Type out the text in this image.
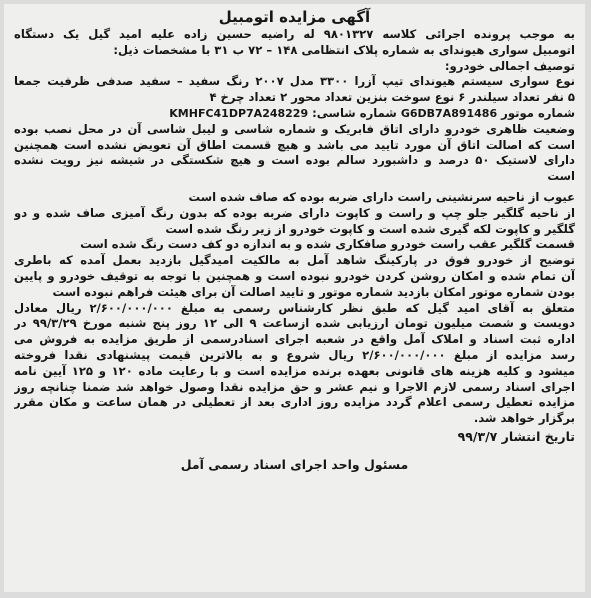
آگهی مزایده اتومبیل
به موجب پرونده اجرائی کلاسه ۹۸۰۱۳۲۷ له راضیه حسین زاده علیه امید گیل یک دستگاه
اتومبیل سواری هیوندای به شماره پلاک انتظامی ۱۴۸ – ۷۲ ب ۳۱ با مشخصات ذیل:
توصیف اجمالی خودرو:
نوع سواری سیستم هیوندای تیپ آزرا ۳۳۰۰ مدل ۲۰۰۷ رنگ سفید – سفید صدفی ظرفیت جمعا
۵ نفر تعداد سیلندر ۶ نوع سوخت بنزین تعداد محور ۲ تعداد چرخ ۴
شماره موتور G6DB7A891486 شماره شاسی: KMHFC41DP7A248229
وضعیت ظاهری خودرو دارای اتاق فابریک و شماره شاسی و لیبل شاسی آن در محل نصب بوده
است که اصالت اتاق آن مورد تایید می باشد و هیچ قسمت اطاق آن تعویض نشده است همچنین
دارای لاستیک ۵۰ درصد و داشبورد سالم بوده است و هیچ شکستگی در شیشه نیز رویت نشده
است
عیوب از ناحیه سرنشینی راست دارای ضربه بوده که صاف شده است
از ناحیه گلگیر جلو چپ و راست و کاپوت دارای ضربه بوده که بدون رنگ آمیزی صاف شده و دو
گلگیر و کاپوت لکه گیری شده است و کاپوت خودرو از زیر رنگ شده است
قسمت گلگیر عقب راست خودرو صافکاری شده و به اندازه دو کف دست رنگ شده است
توضیح از خودرو فوق در پارکینگ شاهد آمل به مالکیت امیدگیل بازدید بعمل آمده که باطری
آن تمام شده و امکان روشن کردن خودرو نبوده است و همچنین با توجه به توقیف خودرو و پایین
بودن شماره موتور امکان بازدید شماره موتور و تایید اصالت آن برای هیئت فراهم نبوده است
متعلق به آقای امید گیل که طبق نظر کارشناس رسمی به مبلغ ۲/۶۰۰/۰۰۰/۰۰۰ ریال معادل
دویست و شصت میلیون تومان ارزیابی شده ازساعت ۹ الی ۱۲ روز پنج شنبه مورخ ۹۹/۳/۲۹ در
اداره ثبت اسناد و املاک آمل واقع در شعبه اجرای اسنادرسمی از طریق مزایده به فروش می
رسد مزایده از مبلغ ۲/۶۰۰/۰۰۰/۰۰۰ ریال شروع و به بالاترین قیمت پیشنهادی نقدا فروخته
میشود و کلیه هزینه های قانونی بعهده برنده مزایده است و با رعایت ماده ۱۲۰ و ۱۲۵ آیین نامه
اجرای اسناد رسمی لازم الاجرا و نیم عشر و حق مزایده نقدا وصول خواهد شد ضمنا چنانچه روز
مزایده تعطیل رسمی اعلام گردد مزایده روز اداری بعد از تعطیلی در همان ساعت و مکان مقرر
برگزار خواهد شد.
تاریخ انتشار ۹۹/۳/۷
مسئول واحد اجرای اسناد رسمی آمل
